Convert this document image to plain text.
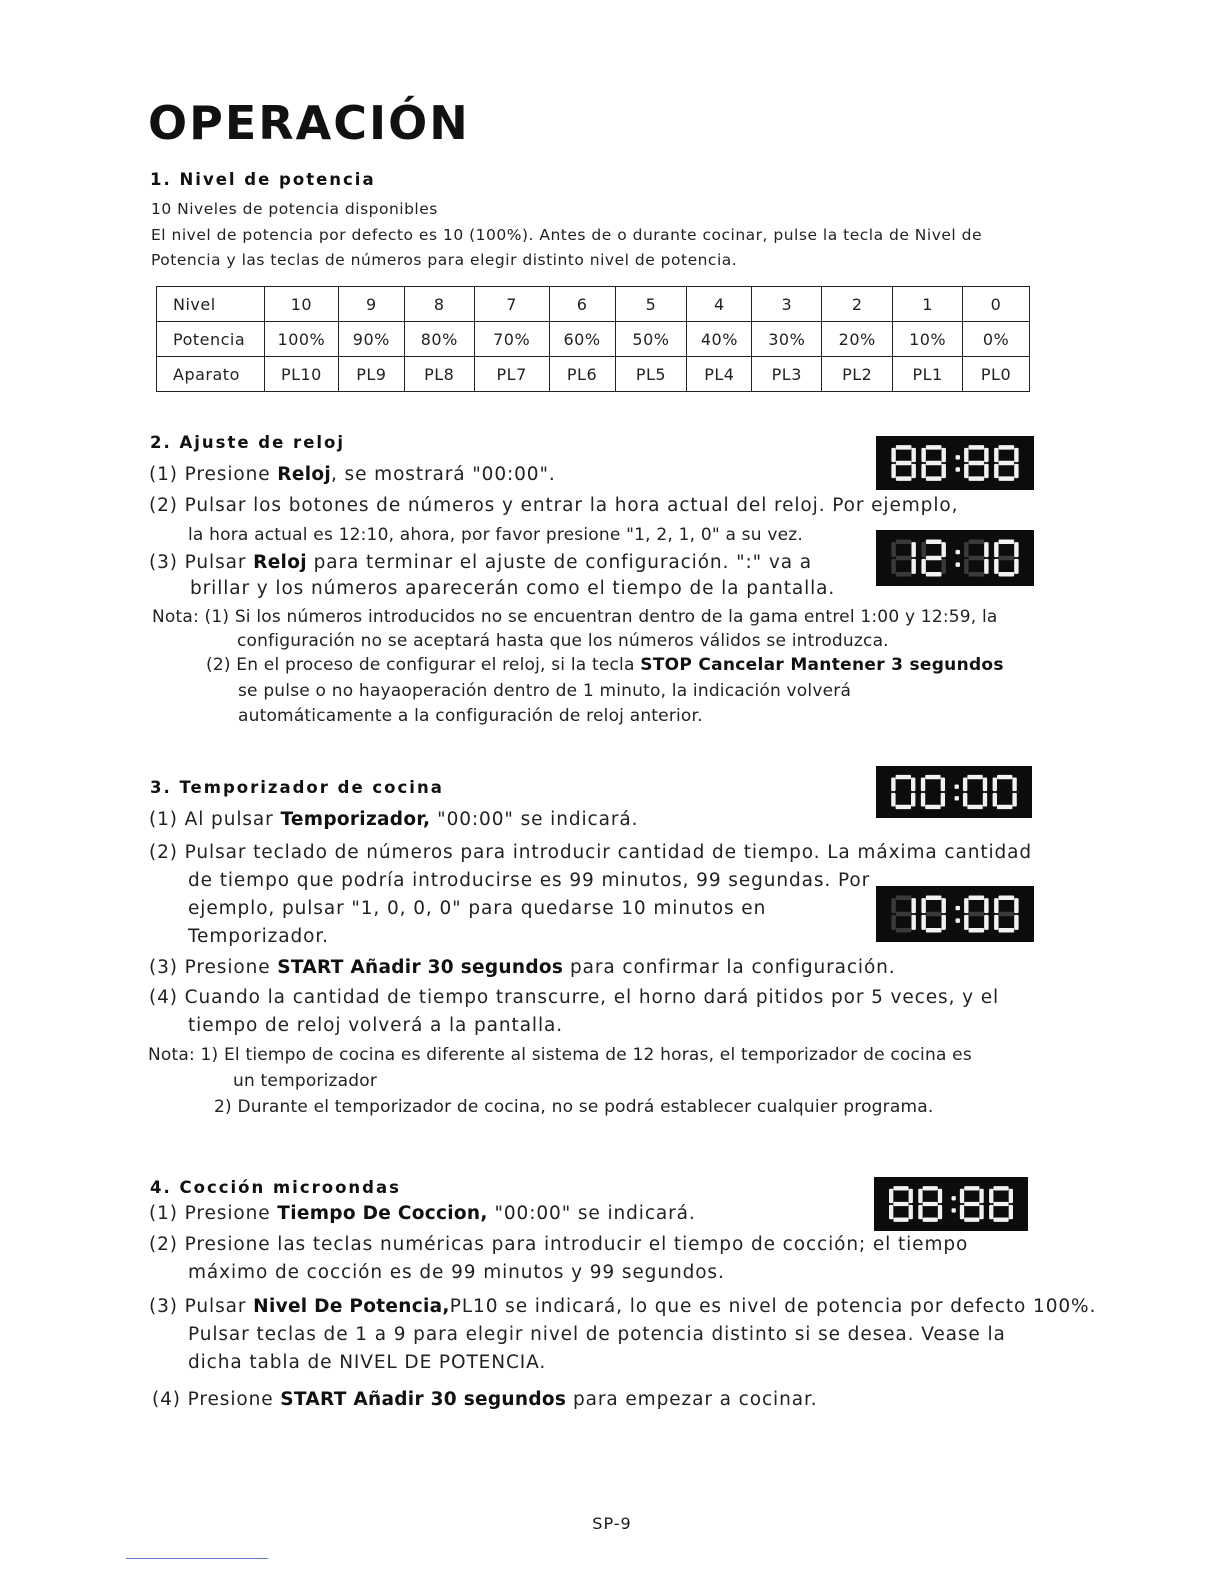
OPERACIÓN
1. Nivel de potencia
10 Niveles de potencia disponibles
El nivel de potencia por defecto es 10 (100%). Antes de o durante cocinar, pulse la tecla de Nivel de
Potencia y las teclas de números para elegir distinto nivel de potencia.
Nivel	10	9	8	7	6	5	4	3	2	1	0
Potencia	100%	90%	80%	70%	60%	50%	40%	30%	20%	10%	0%
Aparato	PL10	PL9	PL8	PL7	PL6	PL5	PL4	PL3	PL2	PL1	PL0
2. Ajuste de reloj
(1) Presione Reloj, se mostrará "00:00".
(2) Pulsar los botones de números y entrar la hora actual del reloj. Por ejemplo,
la hora actual es 12:10, ahora, por favor presione "1, 2, 1, 0" a su vez.
(3) Pulsar Reloj para terminar el ajuste de configuración. ":" va a
brillar y los números aparecerán como el tiempo de la pantalla.
Nota: (1) Si los números introducidos no se encuentran dentro de la gama entrel 1:00 y 12:59, la
configuración no se aceptará hasta que los números válidos se introduzca.
(2) En el proceso de configurar el reloj, si la tecla STOP Cancelar Mantener 3 segundos
se pulse o no hayaoperación dentro de 1 minuto, la indicación volverá
automáticamente a la configuración de reloj anterior.
3. Temporizador de cocina
(1) Al pulsar Temporizador, "00:00" se indicará.
(2) Pulsar teclado de números para introducir cantidad de tiempo. La máxima cantidad
de tiempo que podría introducirse es 99 minutos, 99 segundas. Por
ejemplo, pulsar "1, 0, 0, 0" para quedarse 10 minutos en
Temporizador.
(3) Presione START Añadir 30 segundos para confirmar la configuración.
(4) Cuando la cantidad de tiempo transcurre, el horno dará pitidos por 5 veces, y el
tiempo de reloj volverá a la pantalla.
Nota: 1) El tiempo de cocina es diferente al sistema de 12 horas, el temporizador de cocina es
un temporizador
2) Durante el temporizador de cocina, no se podrá establecer cualquier programa.
4. Cocción microondas
(1) Presione Tiempo De Coccion, "00:00" se indicará.
(2) Presione las teclas numéricas para introducir el tiempo de cocción; el tiempo
máximo de cocción es de 99 minutos y 99 segundos.
(3) Pulsar Nivel De Potencia,PL10 se indicará, lo que es nivel de potencia por defecto 100%.
Pulsar teclas de 1 a 9 para elegir nivel de potencia distinto si se desea. Vease la
dicha tabla de NIVEL DE POTENCIA.
(4) Presione START Añadir 30 segundos para empezar a cocinar.
SP-9
